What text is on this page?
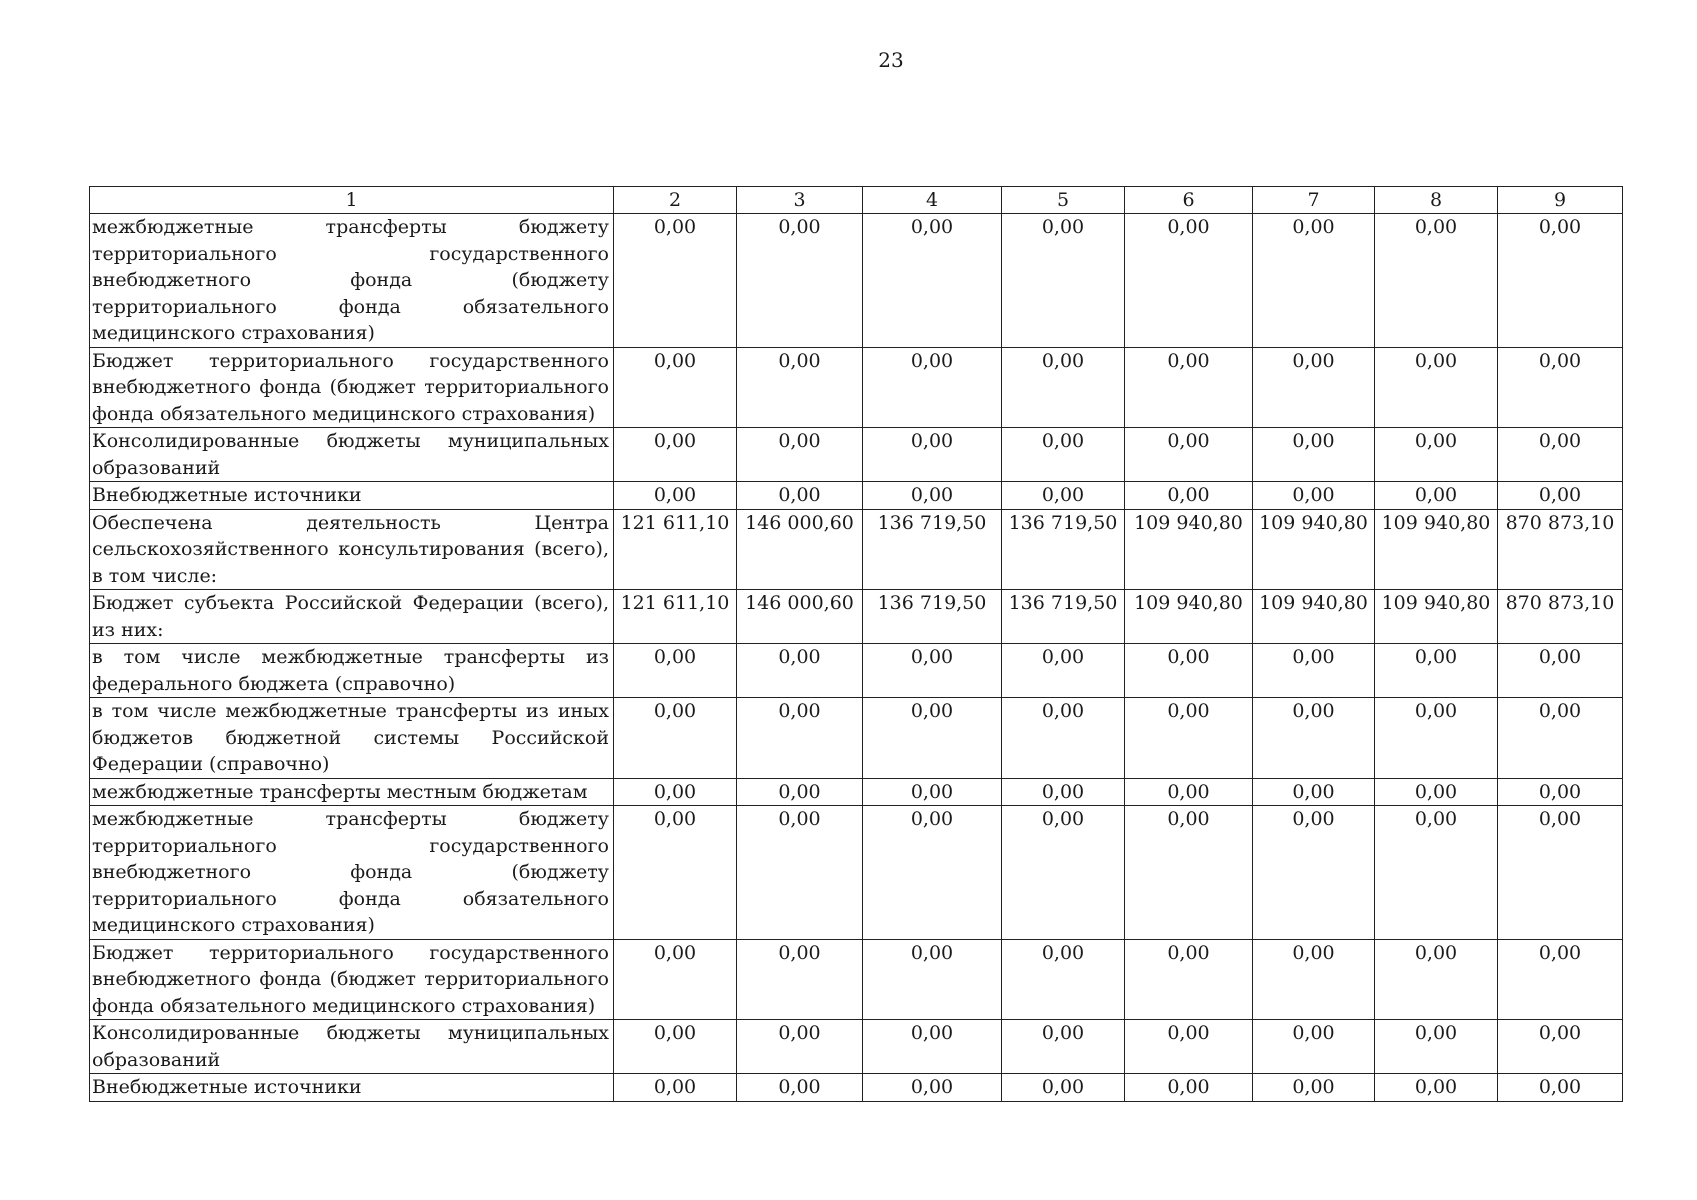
23
1	2	3	4	5	6	7	8	9
межбюджетные трансферты бюджету территориального государственного внебюджетного фонда (бюджету территориального фонда обязательного медицинского страхования)	0,00	0,00	0,00	0,00	0,00	0,00	0,00	0,00
Бюджет территориального государственного внебюджетного фонда (бюджет территориального фонда обязательного медицинского страхования)	0,00	0,00	0,00	0,00	0,00	0,00	0,00	0,00
Консолидированные бюджеты муниципальных образований	0,00	0,00	0,00	0,00	0,00	0,00	0,00	0,00
Внебюджетные источники	0,00	0,00	0,00	0,00	0,00	0,00	0,00	0,00
Обеспечена деятельность Центра сельскохозяйственного консультирования (всего), в том числе:	121 611,10	146 000,60	136 719,50	136 719,50	109 940,80	109 940,80	109 940,80	870 873,10
Бюджет субъекта Российской Федерации (всего), из них:	121 611,10	146 000,60	136 719,50	136 719,50	109 940,80	109 940,80	109 940,80	870 873,10
в том числе межбюджетные трансферты из федерального бюджета (справочно)	0,00	0,00	0,00	0,00	0,00	0,00	0,00	0,00
в том числе межбюджетные трансферты из иных бюджетов бюджетной системы Российской Федерации (справочно)	0,00	0,00	0,00	0,00	0,00	0,00	0,00	0,00
межбюджетные трансферты местным бюджетам	0,00	0,00	0,00	0,00	0,00	0,00	0,00	0,00
межбюджетные трансферты бюджету территориального государственного внебюджетного фонда (бюджету территориального фонда обязательного медицинского страхования)	0,00	0,00	0,00	0,00	0,00	0,00	0,00	0,00
Бюджет территориального государственного внебюджетного фонда (бюджет территориального фонда обязательного медицинского страхования)	0,00	0,00	0,00	0,00	0,00	0,00	0,00	0,00
Консолидированные бюджеты муниципальных образований	0,00	0,00	0,00	0,00	0,00	0,00	0,00	0,00
Внебюджетные источники	0,00	0,00	0,00	0,00	0,00	0,00	0,00	0,00
